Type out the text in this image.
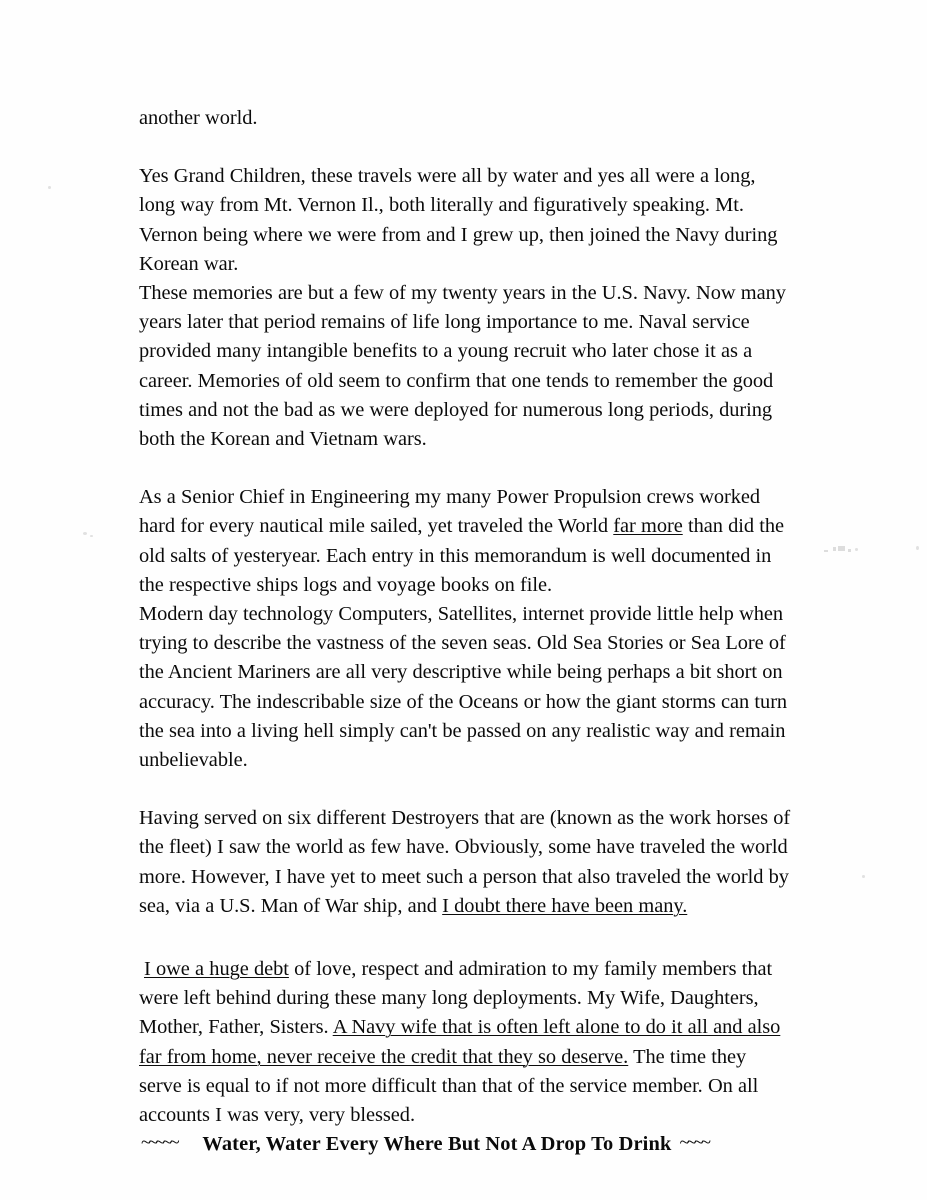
another world.

Yes Grand Children, these travels were all by water and yes all were a long, long way from Mt. Vernon Il., both literally and figuratively speaking. Mt. Vernon being where we were from and I grew up, then joined the Navy during Korean war.

These memories are but a few of my twenty years in the U.S. Navy. Now many years later that period remains of life long importance to me. Naval service provided many intangible benefits to a young recruit who later chose it as a career. Memories of old seem to confirm that one tends to remember the good times and not the bad as we were deployed for numerous long periods, during both the Korean and Vietnam wars.

As a Senior Chief in Engineering my many Power Propulsion crews worked hard for every nautical mile sailed, yet traveled the World far more than did the old salts of yesteryear. Each entry in this memorandum is well documented in the respective ships logs and voyage books on file.

Modern day technology Computers, Satellites, internet provide little help when trying to describe the vastness of the seven seas. Old Sea Stories or Sea Lore of the Ancient Mariners are all very descriptive while being perhaps a bit short on accuracy. The indescribable size of the Oceans or how the giant storms can turn the sea into a living hell simply can't be passed on any realistic way and remain unbelievable.

Having served on six different Destroyers that are (known as the work horses of the fleet) I saw the world as few have. Obviously, some have traveled the world more. However, I have yet to meet such a person that also traveled the world by sea, via a U.S. Man of War ship, and I doubt there have been many.

I owe a huge debt of love, respect and admiration to my family members that were left behind during these many long deployments. My Wife, Daughters, Mother, Father, Sisters. A Navy wife that is often left alone to do it all and also far from home, never receive the credit that they so deserve. The time they serve is equal to if not more difficult than that of the service member. On all accounts I was very, very blessed.

~~~~~ Water, Water Every Where But Not A Drop To Drink ~~~~
